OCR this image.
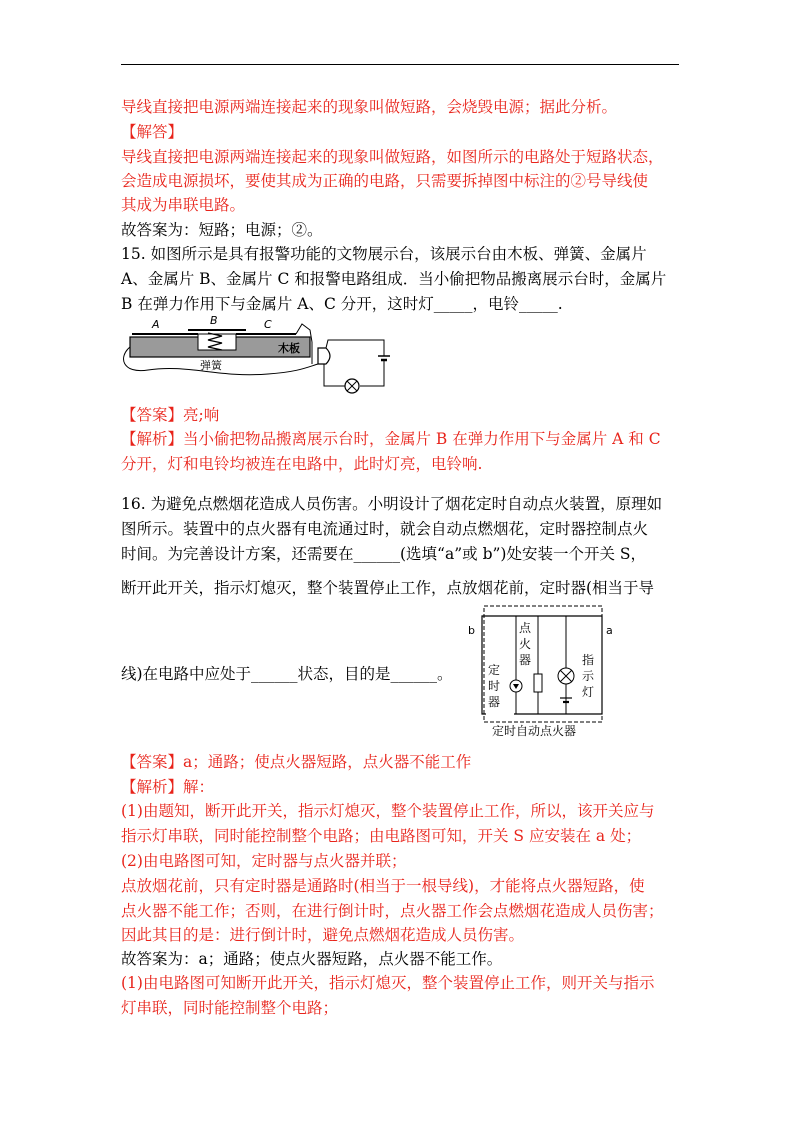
导线直接把电源两端连接起来的现象叫做短路，会烧毁电源；据此分析。
【解答】
导线直接把电源两端连接起来的现象叫做短路，如图所示的电路处于短路状态，
会造成电源损坏，要使其成为正确的电路，只需要拆掉图中标注的②号导线使
其成为串联电路。
故答案为：短路；电源；②。
15. 如图所示是具有报警功能的文物展示台，该展示台由木板、弹簧、金属片
A、金属片 B、金属片 C 和报警电路组成．当小偷把物品搬离展示台时，金属片
B 在弹力作用下与金属片 A、C 分开，这时灯_____，电铃_____.
A	B	C
木板
弹簧
【答案】亮;响
【解析】当小偷把物品搬离展示台时，金属片 B 在弹力作用下与金属片 A 和 C
分开，灯和电铃均被连在电路中，此时灯亮，电铃响.
16. 为避免点燃烟花造成人员伤害。小明设计了烟花定时自动点火装置，原理如
图所示。装置中的点火器有电流通过时，就会自动点燃烟花，定时器控制点火
时间。为完善设计方案，还需要在______(选填“a”或 b”)处安装一个开关 S，
断开此开关，指示灯熄灭，整个装置停止工作，点放烟花前，定时器(相当于导
线)在电路中应处于______状态，目的是______。
b	a
点
火
器
定
时
器
指
示
灯
定时自动点火器
【答案】a；通路；使点火器短路，点火器不能工作
【解析】解：
(1)由题知，断开此开关，指示灯熄灭，整个装置停止工作，所以，该开关应与
指示灯串联，同时能控制整个电路；由电路图可知，开关 S 应安装在 a 处；
(2)由电路图可知，定时器与点火器并联；
点放烟花前，只有定时器是通路时(相当于一根导线)，才能将点火器短路，使
点火器不能工作；否则，在进行倒计时，点火器工作会点燃烟花造成人员伤害；
因此其目的是：进行倒计时，避免点燃烟花造成人员伤害。
故答案为：a；通路；使点火器短路，点火器不能工作。
(1)由电路图可知断开此开关，指示灯熄灭，整个装置停止工作，则开关与指示
灯串联，同时能控制整个电路；
